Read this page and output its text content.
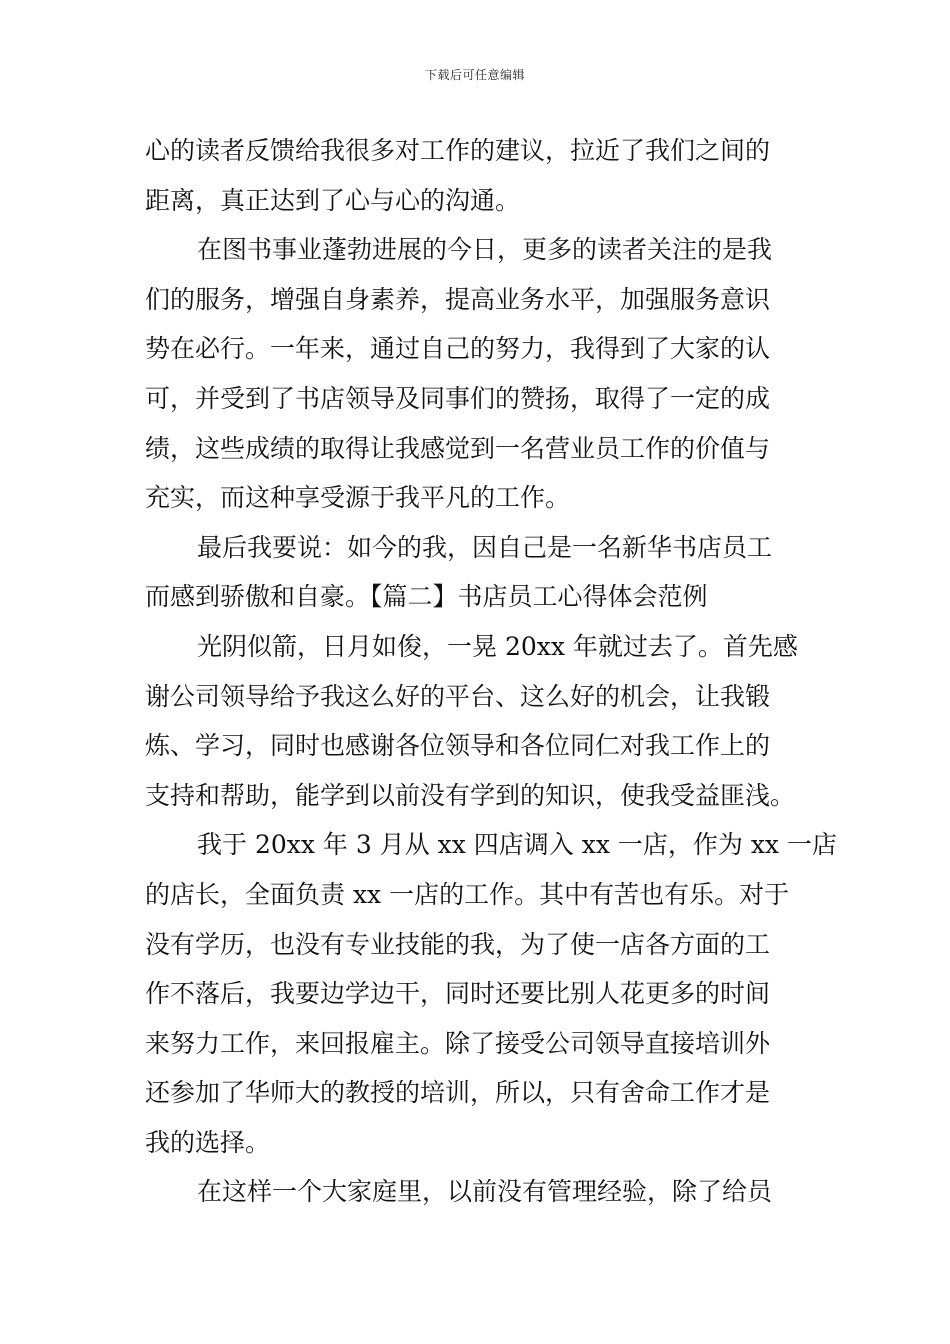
下载后可任意编辑
心的读者反馈给我很多对工作的建议，拉近了我们之间的
距离，真正达到了心与心的沟通。
在图书事业蓬勃进展的今日，更多的读者关注的是我
们的服务，增强自身素养，提高业务水平，加强服务意识
势在必行。一年来，通过自己的努力，我得到了大家的认
可，并受到了书店领导及同事们的赞扬，取得了一定的成
绩，这些成绩的取得让我感觉到一名营业员工作的价值与
充实，而这种享受源于我平凡的工作。
最后我要说：如今的我，因自己是一名新华书店员工
而感到骄傲和自豪。【篇二】书店员工心得体会范例
光阴似箭，日月如俊，一晃 20xx 年就过去了。首先感
谢公司领导给予我这么好的平台、这么好的机会，让我锻
炼、学习，同时也感谢各位领导和各位同仁对我工作上的
支持和帮助，能学到以前没有学到的知识，使我受益匪浅。
我于 20xx 年 3 月从 xx 四店调入 xx 一店，作为 xx 一店
的店长，全面负责 xx 一店的工作。其中有苦也有乐。对于
没有学历，也没有专业技能的我，为了使一店各方面的工
作不落后，我要边学边干，同时还要比别人花更多的时间
来努力工作，来回报雇主。除了接受公司领导直接培训外
还参加了华师大的教授的培训，所以，只有舍命工作才是
我的选择。
在这样一个大家庭里，以前没有管理经验，除了给员
